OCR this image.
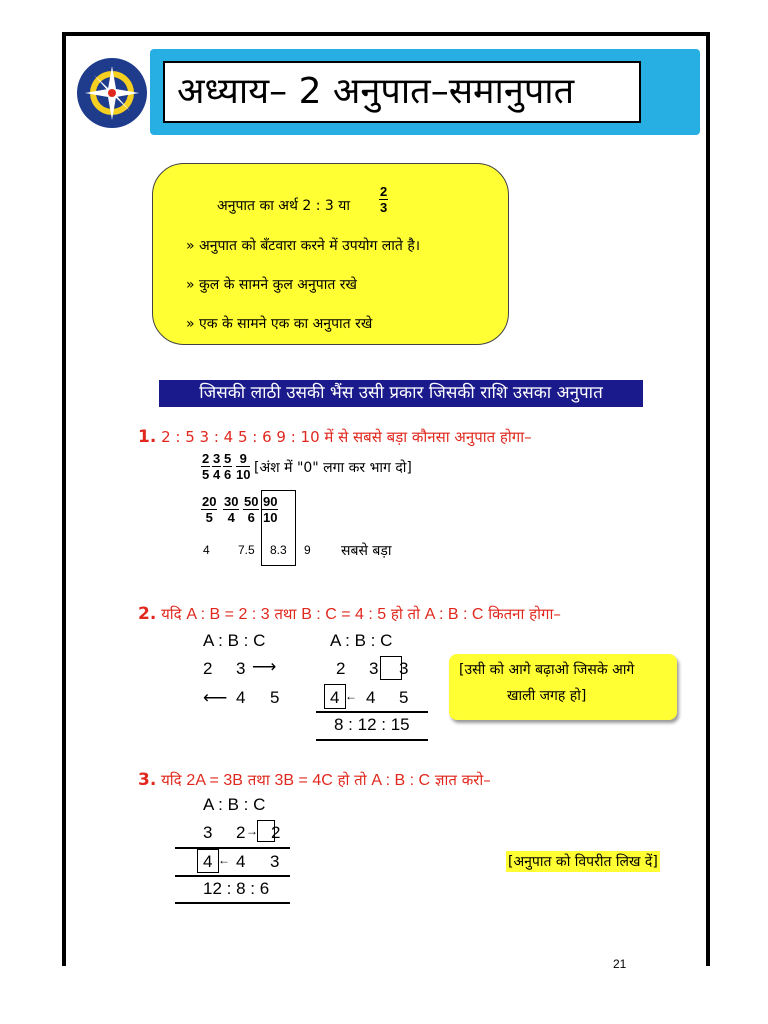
अध्याय– 2 अनुपात–समानुपात
अनुपात का अर्थ 2 : 3 या $\frac{2}{3}$
» अनुपात को बँटवारा करने में उपयोग लाते है।
» कुल के सामने कुल अनुपात रखे
» एक के सामने एक का अनुपात रखे
जिसकी लाठी उसकी भैंस उसी प्रकार जिसकी राशि उसका अनुपात
1. 2 : 5 3 : 4 5 : 6 9 : 10 में से सबसे बड़ा कौनसा अनुपात होगा–
$\frac{2}{5} \frac{3}{4} \frac{5}{6} \frac{9}{10}$ [अंश में "0" लगा कर भाग दो]
$\frac{20}{5} \frac{30}{4} \frac{50}{6} \frac{90}{10}$
4 7.5 8.3 9 सबसे बड़ा
2. यदि A : B = 2 : 3 तथा B : C = 4 : 5 हो तो A : B : C कितना होगा–
A : B : C
2 3 ⟶
⟵ 4 5
A : B : C
2 3 3
4 ← 4 5
8 : 12 : 15
[उसी को आगे बढ़ाओ जिसके आगे
खाली जगह हो]
3. यदि 2A = 3B तथा 3B = 4C हो तो A : B : C ज्ञात करो–
A : B : C
3 2 → 2
4 ← 4 3
12 : 8 : 6
[अनुपात को विपरीत लिख दें]
21
